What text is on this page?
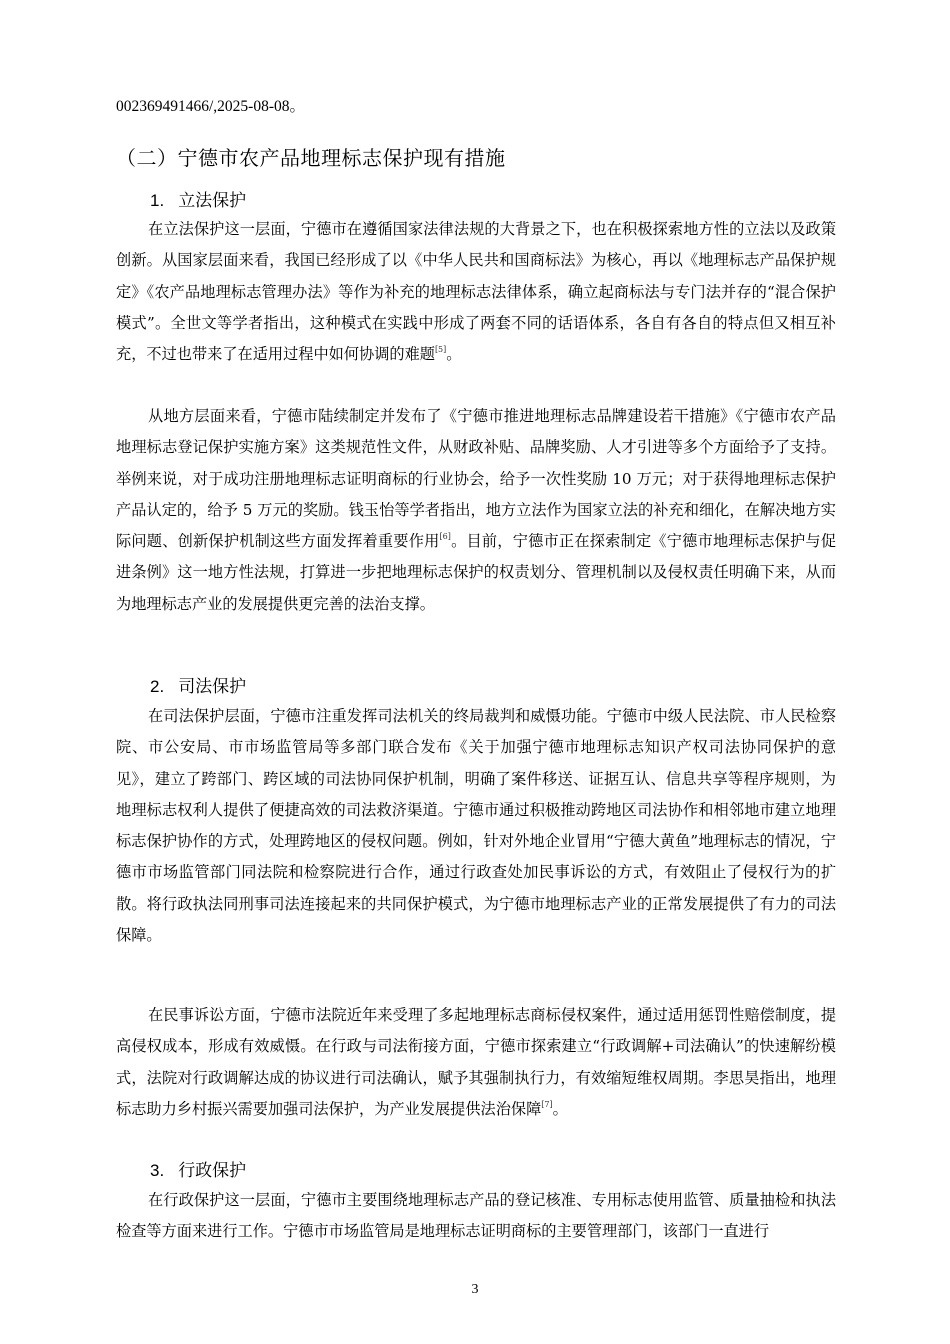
002369491466/,2025-08-08。
（二）宁德市农产品地理标志保护现有措施
1. 立法保护

在立法保护这一层面，宁德市在遵循国家法律法规的大背景之下，也在积极探索地方性的立法以及政策创新。从国家层面来看，我国已经形成了以《中华人民共和国商标法》为核心，再以《地理标志产品保护规定》《农产品地理标志管理办法》等作为补充的地理标志法律体系，确立起商标法与专门法并存的“混合保护模式”。全世文等学者指出，这种模式在实践中形成了两套不同的话语体系，各自有各自的特点但又相互补充，不过也带来了在适用过程中如何协调的难题[5]。

从地方层面来看，宁德市陆续制定并发布了《宁德市推进地理标志品牌建设若干措施》《宁德市农产品地理标志登记保护实施方案》这类规范性文件，从财政补贴、品牌奖励、人才引进等多个方面给予了支持。举例来说，对于成功注册地理标志证明商标的行业协会，给予一次性奖励 10 万元；对于获得地理标志保护产品认定的，给予 5 万元的奖励。钱玉怡等学者指出，地方立法作为国家立法的补充和细化，在解决地方实际问题、创新保护机制这些方面发挥着重要作用[6]。目前，宁德市正在探索制定《宁德市地理标志保护与促进条例》这一地方性法规，打算进一步把地理标志保护的权责划分、管理机制以及侵权责任明确下来，从而为地理标志产业的发展提供更完善的法治支撑。

2. 司法保护

在司法保护层面，宁德市注重发挥司法机关的终局裁判和威慑功能。宁德市中级人民法院、市人民检察院、市公安局、市市场监管局等多部门联合发布《关于加强宁德市地理标志知识产权司法协同保护的意见》，建立了跨部门、跨区域的司法协同保护机制，明确了案件移送、证据互认、信息共享等程序规则，为地理标志权利人提供了便捷高效的司法救济渠道。宁德市通过积极推动跨地区司法协作和相邻地市建立地理标志保护协作的方式，处理跨地区的侵权问题。例如，针对外地企业冒用“宁德大黄鱼”地理标志的情况，宁德市市场监管部门同法院和检察院进行合作，通过行政查处加民事诉讼的方式，有效阻止了侵权行为的扩散。将行政执法同刑事司法连接起来的共同保护模式，为宁德市地理标志产业的正常发展提供了有力的司法保障。

在民事诉讼方面，宁德市法院近年来受理了多起地理标志商标侵权案件，通过适用惩罚性赔偿制度，提高侵权成本，形成有效威慑。在行政与司法衔接方面，宁德市探索建立“行政调解+司法确认”的快速解纷模式，法院对行政调解达成的协议进行司法确认，赋予其强制执行力，有效缩短维权周期。李思昊指出，地理标志助力乡村振兴需要加强司法保护，为产业发展提供法治保障[7]。

3. 行政保护

在行政保护这一层面，宁德市主要围绕地理标志产品的登记核准、专用标志使用监管、质量抽检和执法检查等方面来进行工作。宁德市市场监管局是地理标志证明商标的主要管理部门，该部门一直进行

3
